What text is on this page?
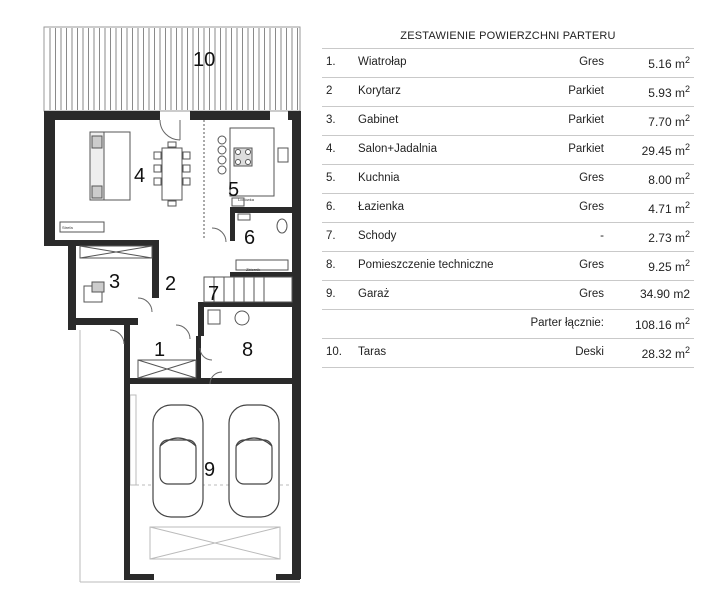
Strefa
Lodówka
Zbiornik
10
4
5
6
3 2 7
1	8
9
ZESTAWIENIE POWIERZCHNI PARTERU
1. Wiatrołap	Gres	5.16 $m^2$
2 Korytarz	Parkiet	5.93 $m^2$
3. Gabinet	Parkiet	7.70 $m^2$
4. Salon+Jadalnia	Parkiet	29.45 $m^2$
5. Kuchnia	Gres	8.00 $m^2$
6. Łazienka	Gres	4.71 $m^2$
7. Schody	-	2.73 $m^2$
8. Pomieszczenie techniczne	Gres	9.25 $m^2$
9. Garaż	Gres	34.90 m2
Parter łącznie:	108.16 $m^2$
10. Taras	Deski	28.32 $m^2$
